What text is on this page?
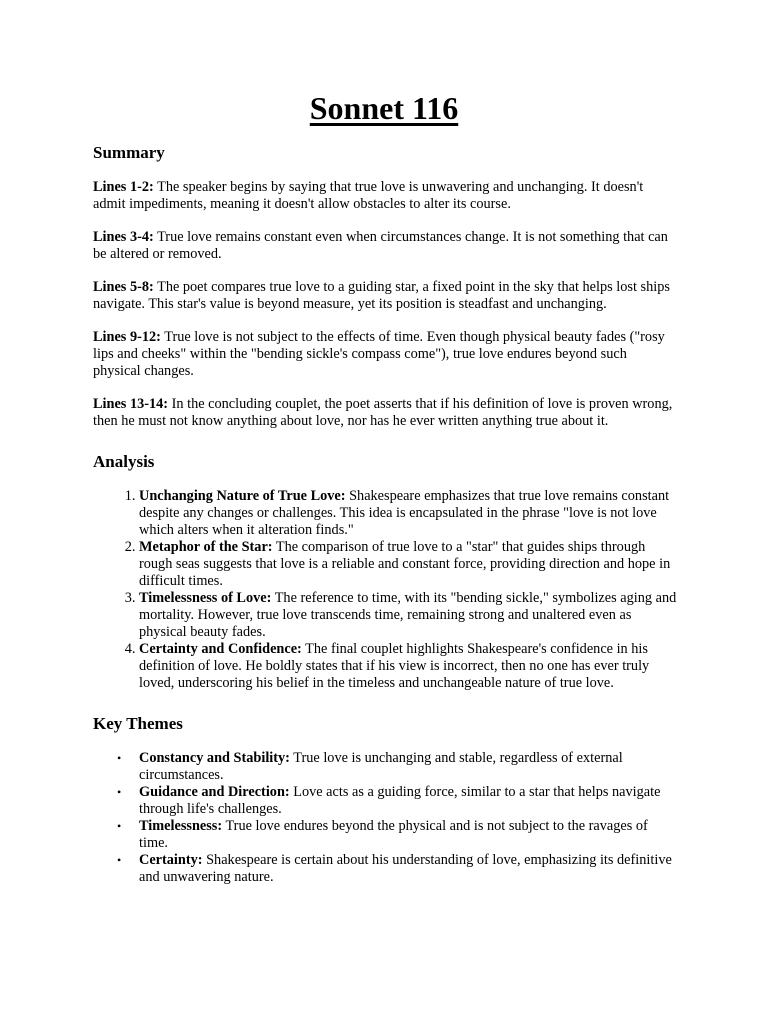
Sonnet 116
Summary

Lines 1-2: The speaker begins by saying that true love is unwavering and unchanging. It doesn't admit impediments, meaning it doesn't allow obstacles to alter its course.

Lines 3-4: True love remains constant even when circumstances change. It is not something that can be altered or removed.

Lines 5-8: The poet compares true love to a guiding star, a fixed point in the sky that helps lost ships navigate. This star's value is beyond measure, yet its position is steadfast and unchanging.

Lines 9-12: True love is not subject to the effects of time. Even though physical beauty fades ("rosy lips and cheeks" within the "bending sickle's compass come"), true love endures beyond such physical changes.

Lines 13-14: In the concluding couplet, the poet asserts that if his definition of love is proven wrong, then he must not know anything about love, nor has he ever written anything true about it.

Analysis
1. Unchanging Nature of True Love: Shakespeare emphasizes that true love remains constant despite any changes or challenges. This idea is encapsulated in the phrase "love is not love which alters when it alteration finds."
2. Metaphor of the Star: The comparison of true love to a "star" that guides ships through rough seas suggests that love is a reliable and constant force, providing direction and hope in difficult times.
3. Timelessness of Love: The reference to time, with its "bending sickle," symbolizes aging and mortality. However, true love transcends time, remaining strong and unaltered even as physical beauty fades.
4. Certainty and Confidence: The final couplet highlights Shakespeare's confidence in his definition of love. He boldly states that if his view is incorrect, then no one has ever truly loved, underscoring his belief in the timeless and unchangeable nature of true love.
Key Themes
• Constancy and Stability: True love is unchanging and stable, regardless of external circumstances.
• Guidance and Direction: Love acts as a guiding force, similar to a star that helps navigate through life's challenges.
• Timelessness: True love endures beyond the physical and is not subject to the ravages of time.
• Certainty: Shakespeare is certain about his understanding of love, emphasizing its definitive and unwavering nature.
